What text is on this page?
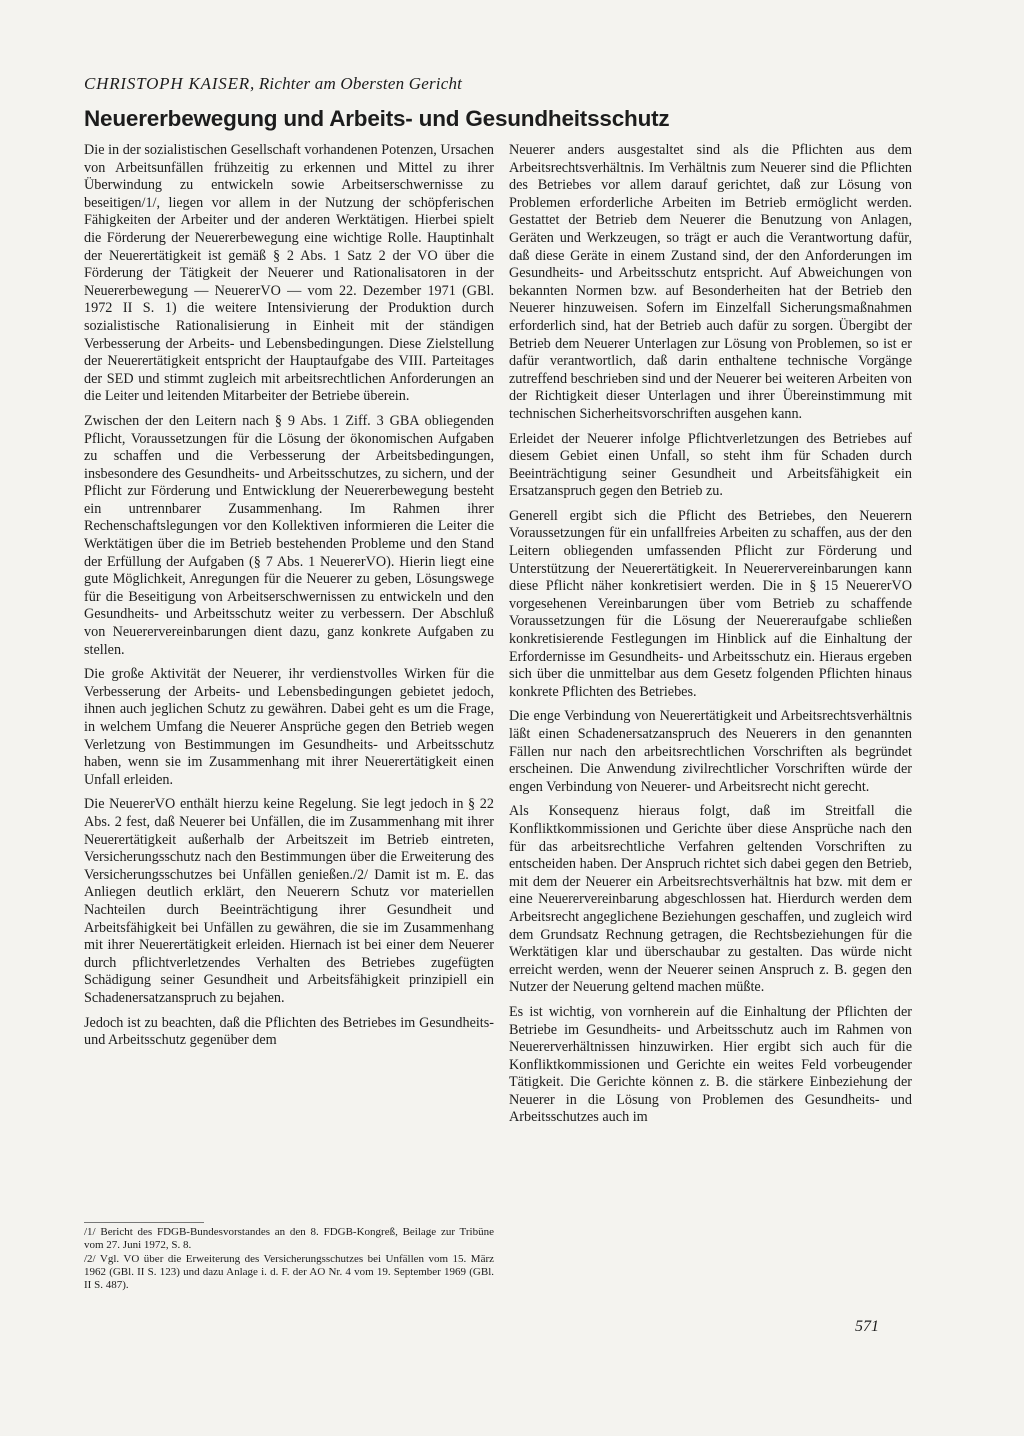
CHRISTOPH KAISER, Richter am Obersten Gericht
Neuererbewegung und Arbeits- und Gesundheitsschutz

Die in der sozialistischen Gesellschaft vorhandenen Potenzen, Ursachen von Arbeitsunfällen frühzeitig zu erkennen und Mittel zu ihrer Überwindung zu entwickeln sowie Arbeitserschwernisse zu beseitigen/1/, liegen vor allem in der Nutzung der schöpferischen Fähigkeiten der Arbeiter und der anderen Werktätigen. Hierbei spielt die Förderung der Neuererbewegung eine wichtige Rolle. Hauptinhalt der Neuerertätigkeit ist gemäß § 2 Abs. 1 Satz 2 der VO über die Förderung der Tätigkeit der Neuerer und Rationalisatoren in der Neuererbewegung — NeuererVO — vom 22. Dezember 1971 (GBl. 1972 II S. 1) die weitere Intensivierung der Produktion durch sozialistische Rationalisierung in Einheit mit der ständigen Verbesserung der Arbeits- und Lebensbedingungen. Diese Zielstellung der Neuerertätigkeit entspricht der Hauptaufgabe des VIII. Parteitages der SED und stimmt zugleich mit arbeitsrechtlichen Anforderungen an die Leiter und leitenden Mitarbeiter der Betriebe überein.

Zwischen der den Leitern nach § 9 Abs. 1 Ziff. 3 GBA obliegenden Pflicht, Voraussetzungen für die Lösung der ökonomischen Aufgaben zu schaffen und die Verbesserung der Arbeitsbedingungen, insbesondere des Gesundheits- und Arbeitsschutzes, zu sichern, und der Pflicht zur Förderung und Entwicklung der Neuererbewegung besteht ein untrennbarer Zusammenhang. Im Rahmen ihrer Rechenschaftslegungen vor den Kollektiven informieren die Leiter die Werktätigen über die im Betrieb bestehenden Probleme und den Stand der Erfüllung der Aufgaben (§ 7 Abs. 1 NeuererVO). Hierin liegt eine gute Möglichkeit, Anregungen für die Neuerer zu geben, Lösungswege für die Beseitigung von Arbeitserschwernissen zu entwickeln und den Gesundheits- und Arbeitsschutz weiter zu verbessern. Der Abschluß von Neuerervereinbarungen dient dazu, ganz konkrete Aufgaben zu stellen.

Die große Aktivität der Neuerer, ihr verdienstvolles Wirken für die Verbesserung der Arbeits- und Lebensbedingungen gebietet jedoch, ihnen auch jeglichen Schutz zu gewähren. Dabei geht es um die Frage, in welchem Umfang die Neuerer Ansprüche gegen den Betrieb wegen Verletzung von Bestimmungen im Gesundheits- und Arbeitsschutz haben, wenn sie im Zusammenhang mit ihrer Neuerertätigkeit einen Unfall erleiden.

Die NeuererVO enthält hierzu keine Regelung. Sie legt jedoch in § 22 Abs. 2 fest, daß Neuerer bei Unfällen, die im Zusammenhang mit ihrer Neuerertätigkeit außerhalb der Arbeitszeit im Betrieb eintreten, Versicherungsschutz nach den Bestimmungen über die Erweiterung des Versicherungsschutzes bei Unfällen genießen./2/ Damit ist m. E. das Anliegen deutlich erklärt, den Neuerern Schutz vor materiellen Nachteilen durch Beeinträchtigung ihrer Gesundheit und Arbeitsfähigkeit bei Unfällen zu gewähren, die sie im Zusammenhang mit ihrer Neuerertätigkeit erleiden. Hiernach ist bei einer dem Neuerer durch pflichtverletzendes Verhalten des Betriebes zugefügten Schädigung seiner Gesundheit und Arbeitsfähigkeit prinzipiell ein Schadenersatzanspruch zu bejahen.

Jedoch ist zu beachten, daß die Pflichten des Betriebes im Gesundheits- und Arbeitsschutz gegenüber dem

Neuerer anders ausgestaltet sind als die Pflichten aus dem Arbeitsrechtsverhältnis. Im Verhältnis zum Neuerer sind die Pflichten des Betriebes vor allem darauf gerichtet, daß zur Lösung von Problemen erforderliche Arbeiten im Betrieb ermöglicht werden. Gestattet der Betrieb dem Neuerer die Benutzung von Anlagen, Geräten und Werkzeugen, so trägt er auch die Verantwortung dafür, daß diese Geräte in einem Zustand sind, der den Anforderungen im Gesundheits- und Arbeitsschutz entspricht. Auf Abweichungen von bekannten Normen bzw. auf Besonderheiten hat der Betrieb den Neuerer hinzuweisen. Sofern im Einzelfall Sicherungsmaßnahmen erforderlich sind, hat der Betrieb auch dafür zu sorgen. Übergibt der Betrieb dem Neuerer Unterlagen zur Lösung von Problemen, so ist er dafür verantwortlich, daß darin enthaltene technische Vorgänge zutreffend beschrieben sind und der Neuerer bei weiteren Arbeiten von der Richtigkeit dieser Unterlagen und ihrer Übereinstimmung mit technischen Sicherheitsvorschriften ausgehen kann.

Erleidet der Neuerer infolge Pflichtverletzungen des Betriebes auf diesem Gebiet einen Unfall, so steht ihm für Schaden durch Beeinträchtigung seiner Gesundheit und Arbeitsfähigkeit ein Ersatzanspruch gegen den Betrieb zu.

Generell ergibt sich die Pflicht des Betriebes, den Neuerern Voraussetzungen für ein unfallfreies Arbeiten zu schaffen, aus der den Leitern obliegenden umfassenden Pflicht zur Förderung und Unterstützung der Neuerertätigkeit. In Neuerervereinbarungen kann diese Pflicht näher konkretisiert werden. Die in § 15 NeuererVO vorgesehenen Vereinbarungen über vom Betrieb zu schaffende Voraussetzungen für die Lösung der Neuereraufgabe schließen konkretisierende Festlegungen im Hinblick auf die Einhaltung der Erfordernisse im Gesundheits- und Arbeitsschutz ein. Hieraus ergeben sich über die unmittelbar aus dem Gesetz folgenden Pflichten hinaus konkrete Pflichten des Betriebes.

Die enge Verbindung von Neuerertätigkeit und Arbeitsrechtsverhältnis läßt einen Schadenersatzanspruch des Neuerers in den genannten Fällen nur nach den arbeitsrechtlichen Vorschriften als begründet erscheinen. Die Anwendung zivilrechtlicher Vorschriften würde der engen Verbindung von Neuerer- und Arbeitsrecht nicht gerecht.

Als Konsequenz hieraus folgt, daß im Streitfall die Konfliktkommissionen und Gerichte über diese Ansprüche nach den für das arbeitsrechtliche Verfahren geltenden Vorschriften zu entscheiden haben. Der Anspruch richtet sich dabei gegen den Betrieb, mit dem der Neuerer ein Arbeitsrechtsverhältnis hat bzw. mit dem er eine Neuerervereinbarung abgeschlossen hat. Hierdurch werden dem Arbeitsrecht angeglichene Beziehungen geschaffen, und zugleich wird dem Grundsatz Rechnung getragen, die Rechtsbeziehungen für die Werktätigen klar und überschaubar zu gestalten. Das würde nicht erreicht werden, wenn der Neuerer seinen Anspruch z. B. gegen den Nutzer der Neuerung geltend machen müßte.

Es ist wichtig, von vornherein auf die Einhaltung der Pflichten der Betriebe im Gesundheits- und Arbeitsschutz auch im Rahmen von Neuererverhältnissen hinzuwirken. Hier ergibt sich auch für die Konfliktkommissionen und Gerichte ein weites Feld vorbeugender Tätigkeit. Die Gerichte können z. B. die stärkere Einbeziehung der Neuerer in die Lösung von Problemen des Gesundheits- und Arbeitsschutzes auch im

/1/ Bericht des FDGB-Bundesvorstandes an den 8. FDGB-Kongreß, Beilage zur Tribüne vom 27. Juni 1972, S. 8.

/2/ Vgl. VO über die Erweiterung des Versicherungsschutzes bei Unfällen vom 15. März 1962 (GBl. II S. 123) und dazu Anlage i. d. F. der AO Nr. 4 vom 19. September 1969 (GBl. II S. 487).

571
